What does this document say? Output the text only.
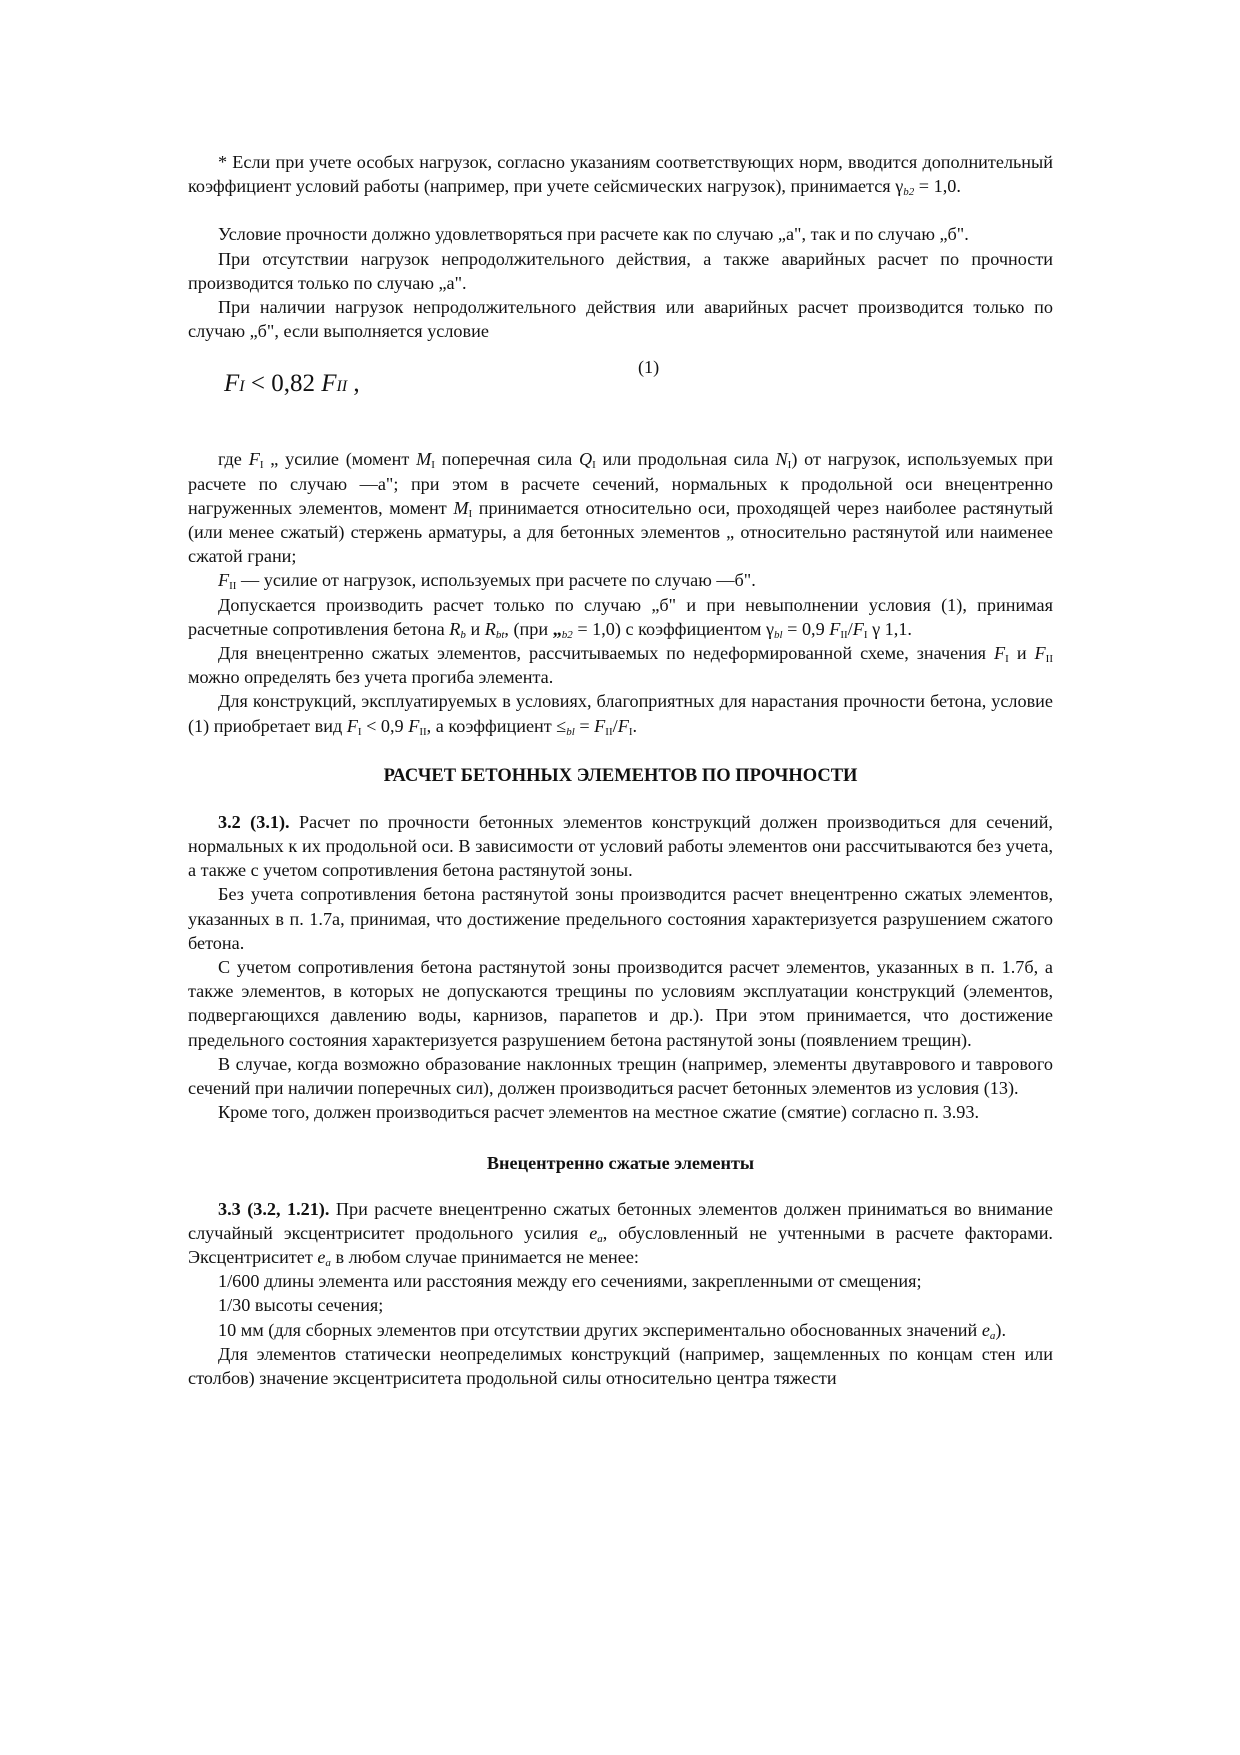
* Если при учете особых нагрузок, согласно указаниям соответствующих норм, вводится дополнительный коэффициент условий работы (например, при учете сейсмических нагрузок), принимается $\gamma_{b2} = 1,0$.

Условие прочности должно удовлетворяться при расчете как по случаю „а", так и по случаю „б".

При отсутствии нагрузок непродолжительного действия, а также аварийных расчет по прочности производится только по случаю „а".

При наличии нагрузок непродолжительного действия или аварийных расчет производится только по случаю „б", если выполняется условие

FI < 0,82 FII ,
(1)

где $F_I$ „ усилие (момент $M_I$ поперечная сила $Q_I$ или продольная сила $N_I$) от нагрузок, используемых при расчете по случаю —а"; при этом в расчете сечений, нормальных к продольной оси внецентренно нагруженных элементов, момент $M_I$ принимается относительно оси, проходящей через наиболее растянутый (или менее сжатый) стержень арматуры, а для бетонных элементов „ относительно растянутой или наименее сжатой грани;

$F_{II}$ — усилие от нагрузок, используемых при расчете по случаю —б".

Допускается производить расчет только по случаю „б" и при невыполнении условия (1), принимая расчетные сопротивления бетона $R_b$ и $R_{bt}$, (при $„_{b2} = 1,0$) с коэффициентом $\gamma_{bl} = 0,9$ $F_{II}/F_I$ γ 1,1.

Для внецентренно сжатых элементов, рассчитываемых по недеформированной схеме, значения $F_I$ и $F_{II}$ можно определять без учета прогиба элемента.

Для конструкций, эксплуатируемых в условиях, благоприятных для нарастания прочности бетона, условие (1) приобретает вид $F_I < 0,9$ $F_{II}$, а коэффициент $\le_{bl} = F_{II}/F_I$.

РАСЧЕТ БЕТОННЫХ ЭЛЕМЕНТОВ ПО ПРОЧНОСТИ

3.2 (3.1). Расчет по прочности бетонных элементов конструкций должен производиться для сечений, нормальных к их продольной оси. В зависимости от условий работы элементов они рассчитываются без учета, а также с учетом сопротивления бетона растянутой зоны.

Без учета сопротивления бетона растянутой зоны производится расчет внецентренно сжатых элементов, указанных в п. 1.7а, принимая, что достижение предельного состояния характеризуется разрушением сжатого бетона.

С учетом сопротивления бетона растянутой зоны производится расчет элементов, указанных в п. 1.7б, а также элементов, в которых не допускаются трещины по условиям эксплуатации конструкций (элементов, подвергающихся давлению воды, карнизов, парапетов и др.). При этом принимается, что достижение предельного состояния характеризуется разрушением бетона растянутой зоны (появлением трещин).

В случае, когда возможно образование наклонных трещин (например, элементы двутаврового и таврового сечений при наличии поперечных сил), должен производиться расчет бетонных элементов из условия (13).

Кроме того, должен производиться расчет элементов на местное сжатие (смятие) согласно п. 3.93.

Внецентренно сжатые элементы

3.3 (3.2, 1.21). При расчете внецентренно сжатых бетонных элементов должен приниматься во внимание случайный эксцентриситет продольного усилия $e_a$, обусловленный не учтенными в расчете факторами. Эксцентриситет $e_a$ в любом случае принимается не менее:

1/600 длины элемента или расстояния между его сечениями, закрепленными от смещения;

1/30 высоты сечения;

10 мм (для сборных элементов при отсутствии других экспериментально обоснованных значений $e_a$).

Для элементов статически неопределимых конструкций (например, защемленных по концам стен или столбов) значение эксцентриситета продольной силы относительно центра тяжести
